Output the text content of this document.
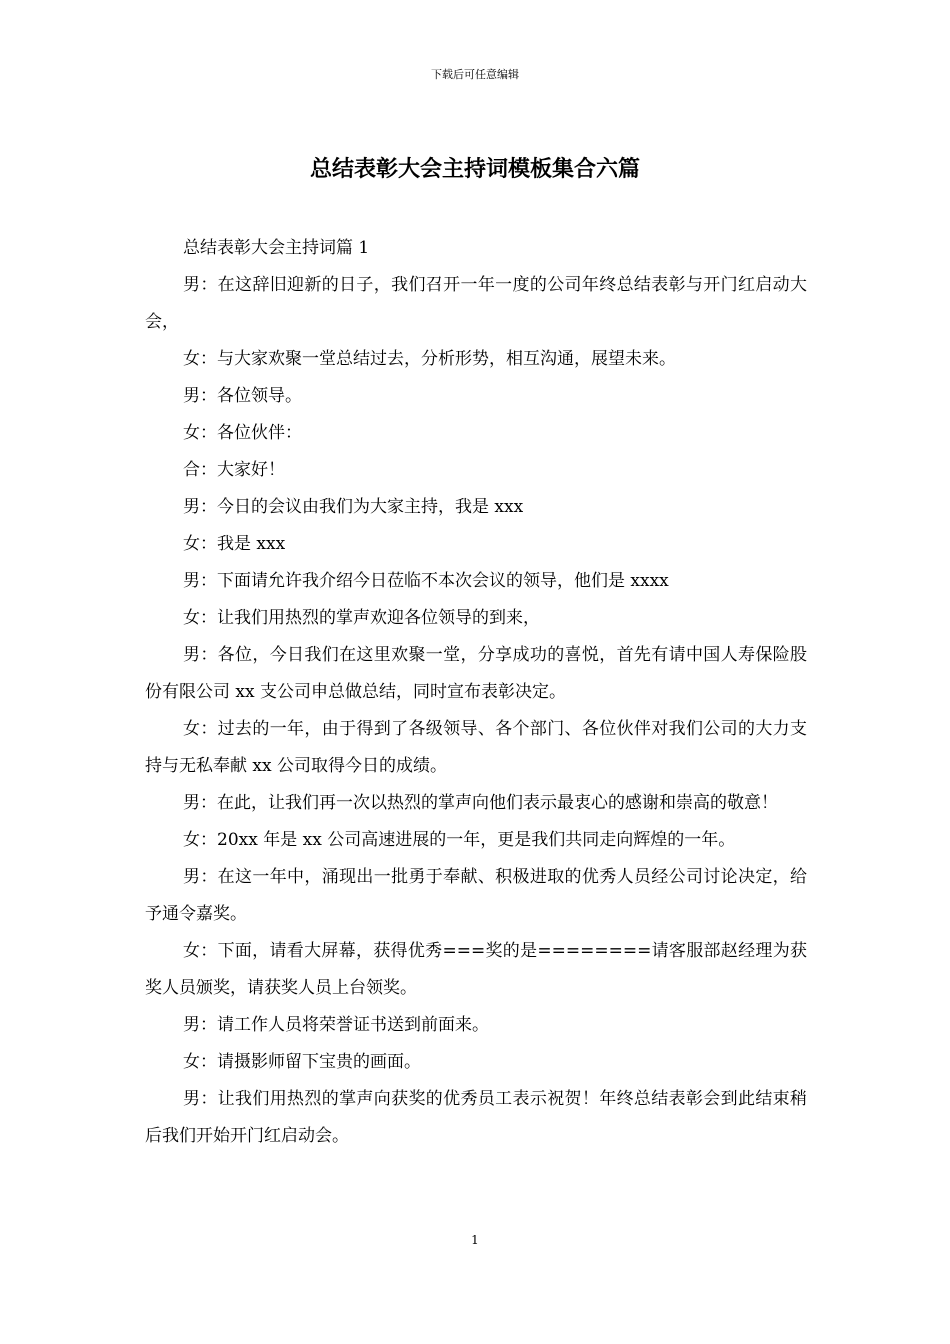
下载后可任意编辑
总结表彰大会主持词模板集合六篇

总结表彰大会主持词篇 1

男：在这辞旧迎新的日子，我们召开一年一度的公司年终总结表彰与开门红启动大会，

女：与大家欢聚一堂总结过去，分析形势，相互沟通，展望未来。

男：各位领导。

女：各位伙伴：

合：大家好！

男：今日的会议由我们为大家主持，我是 xxx

女：我是 xxx

男：下面请允许我介绍今日莅临不本次会议的领导，他们是 xxxx

女：让我们用热烈的掌声欢迎各位领导的到来，

男：各位，今日我们在这里欢聚一堂，分享成功的喜悦，首先有请中国人寿保险股份有限公司 xx 支公司申总做总结，同时宣布表彰决定。

女：过去的一年，由于得到了各级领导、各个部门、各位伙伴对我们公司的大力支持与无私奉献 xx 公司取得今日的成绩。

男：在此，让我们再一次以热烈的掌声向他们表示最衷心的感谢和崇高的敬意！

女：20xx 年是 xx 公司高速进展的一年，更是我们共同走向辉煌的一年。

男：在这一年中，涌现出一批勇于奉献、积极进取的优秀人员经公司讨论决定，给予通令嘉奖。

女：下面，请看大屏幕，获得优秀===奖的是========请客服部赵经理为获奖人员颁奖，请获奖人员上台领奖。

男：请工作人员将荣誉证书送到前面来。

女：请摄影师留下宝贵的画面。

男：让我们用热烈的掌声向获奖的优秀员工表示祝贺！年终总结表彰会到此结束稍后我们开始开门红启动会。

1
